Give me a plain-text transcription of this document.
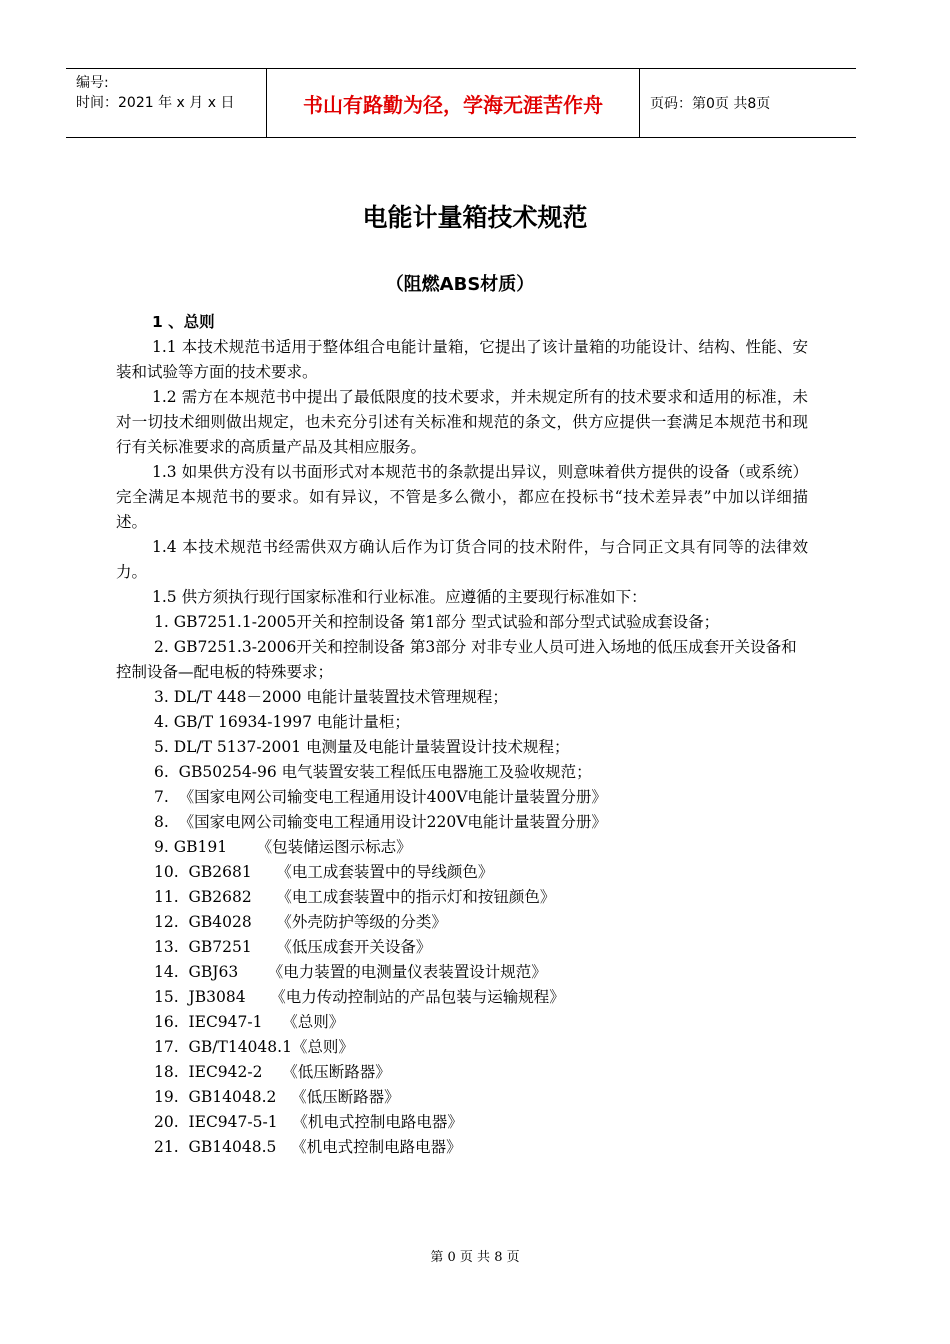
编号:
时间：2021 年 x 月 x 日	书山有路勤为径，学海无涯苦作舟	页码：第0页 共8页
电能计量箱技术规范
（阻燃ABS材质）

1 、总则

1.1 本技术规范书适用于整体组合电能计量箱，它提出了该计量箱的功能设计、结构、性能、安装和试验等方面的技术要求。

1.2 需方在本规范书中提出了最低限度的技术要求，并未规定所有的技术要求和适用的标准，未对一切技术细则做出规定，也未充分引述有关标准和规范的条文，供方应提供一套满足本规范书和现行有关标准要求的高质量产品及其相应服务。

1.3 如果供方没有以书面形式对本规范书的条款提出异议，则意味着供方提供的设备（或系统）完全满足本规范书的要求。如有异议，不管是多么微小，都应在投标书“技术差异表”中加以详细描述。

1.4 本技术规范书经需供双方确认后作为订货合同的技术附件，与合同正文具有同等的法律效力。

1.5 供方须执行现行国家标准和行业标准。应遵循的主要现行标准如下：

1. GB7251.1-2005开关和控制设备 第1部分 型式试验和部分型式试验成套设备；

2. GB7251.3-2006开关和控制设备 第3部分 对非专业人员可进入场地的低压成套开关设备和控制设备—配电板的特殊要求；

3. DL/T 448－2000 电能计量装置技术管理规程；

4. GB/T 16934-1997 电能计量柜；

5. DL/T 5137-2001 电测量及电能计量装置设计技术规程；

6.  GB50254-96 电气装置安装工程低压电器施工及验收规范；

7.  《国家电网公司输变电工程通用设计400V电能计量装置分册》

8.  《国家电网公司输变电工程通用设计220V电能计量装置分册》

9. GB191      《包装储运图示标志》

10.  GB2681     《电工成套装置中的导线颜色》

11.  GB2682     《电工成套装置中的指示灯和按钮颜色》

12.  GB4028     《外壳防护等级的分类》

13.  GB7251     《低压成套开关设备》

14.  GBJ63      《电力装置的电测量仪表装置设计规范》

15.  JB3084     《电力传动控制站的产品包装与运输规程》

16.  IEC947-1    《总则》

17.  GB/T14048.1《总则》

18.  IEC942-2    《低压断路器》

19.  GB14048.2   《低压断路器》

20.  IEC947-5-1   《机电式控制电路电器》

21.  GB14048.5   《机电式控制电路电器》

第 0 页 共 8 页
